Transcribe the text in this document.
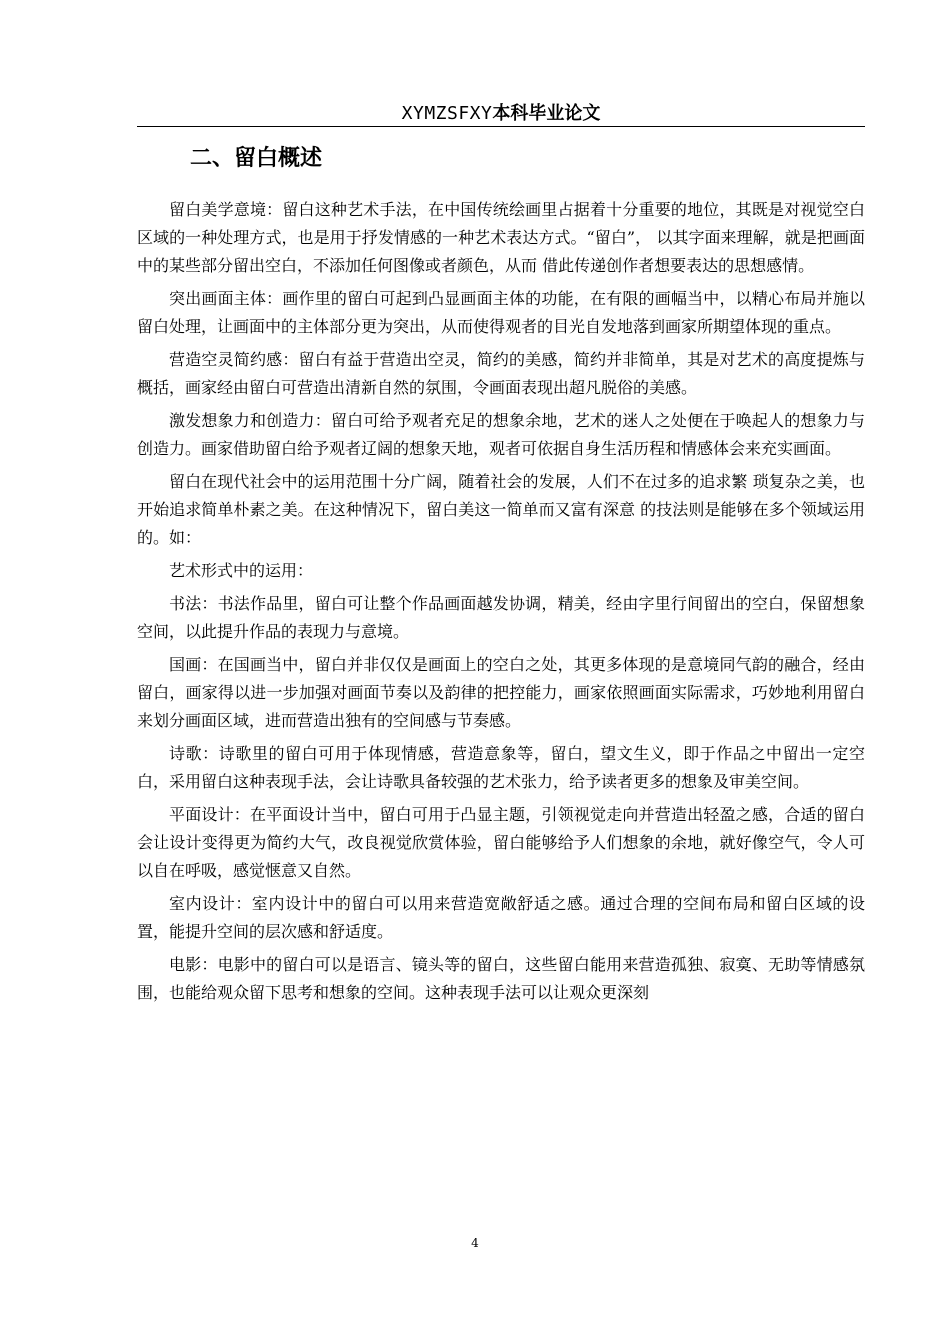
XYMZSFXY本科毕业论文
二、留白概述

留白美学意境：留白这种艺术手法，在中国传统绘画里占据着十分重要的地位，其既是对视觉空白区域的一种处理方式，也是用于抒发情感的一种艺术表达方式。“留白”， 以其字面来理解，就是把画面中的某些部分留出空白，不添加任何图像或者颜色，从而 借此传递创作者想要表达的思想感情。

突出画面主体：画作里的留白可起到凸显画面主体的功能，在有限的画幅当中，以精心布局并施以留白处理，让画面中的主体部分更为突出，从而使得观者的目光自发地落到画家所期望体现的重点。

营造空灵简约感：留白有益于营造出空灵，简约的美感，简约并非简单，其是对艺术的高度提炼与概括，画家经由留白可营造出清新自然的氛围，令画面表现出超凡脱俗的美感。

激发想象力和创造力：留白可给予观者充足的想象余地，艺术的迷人之处便在于唤起人的想象力与创造力。画家借助留白给予观者辽阔的想象天地，观者可依据自身生活历程和情感体会来充实画面。

留白在现代社会中的运用范围十分广阔，随着社会的发展，人们不在过多的追求繁 琐复杂之美，也开始追求简单朴素之美。在这种情况下，留白美这一简单而又富有深意 的技法则是能够在多个领域运用的。如：

艺术形式中的运用：

书法：书法作品里，留白可让整个作品画面越发协调，精美，经由字里行间留出的空白，保留想象空间，以此提升作品的表现力与意境。

国画：在国画当中，留白并非仅仅是画面上的空白之处，其更多体现的是意境同气韵的融合，经由留白，画家得以进一步加强对画面节奏以及韵律的把控能力，画家依照画面实际需求，巧妙地利用留白来划分画面区域，进而营造出独有的空间感与节奏感。

诗歌：诗歌里的留白可用于体现情感，营造意象等，留白，望文生义，即于作品之中留出一定空白，采用留白这种表现手法，会让诗歌具备较强的艺术张力，给予读者更多的想象及审美空间。

平面设计：在平面设计当中，留白可用于凸显主题，引领视觉走向并营造出轻盈之感，合适的留白会让设计变得更为简约大气，改良视觉欣赏体验，留白能够给予人们想象的余地，就好像空气，令人可以自在呼吸，感觉惬意又自然。

室内设计：室内设计中的留白可以用来营造宽敞舒适之感。通过合理的空间布局和留白区域的设置，能提升空间的层次感和舒适度。

电影：电影中的留白可以是语言、镜头等的留白，这些留白能用来营造孤独、寂寞、无助等情感氛围，也能给观众留下思考和想象的空间。这种表现手法可以让观众更深刻

4
